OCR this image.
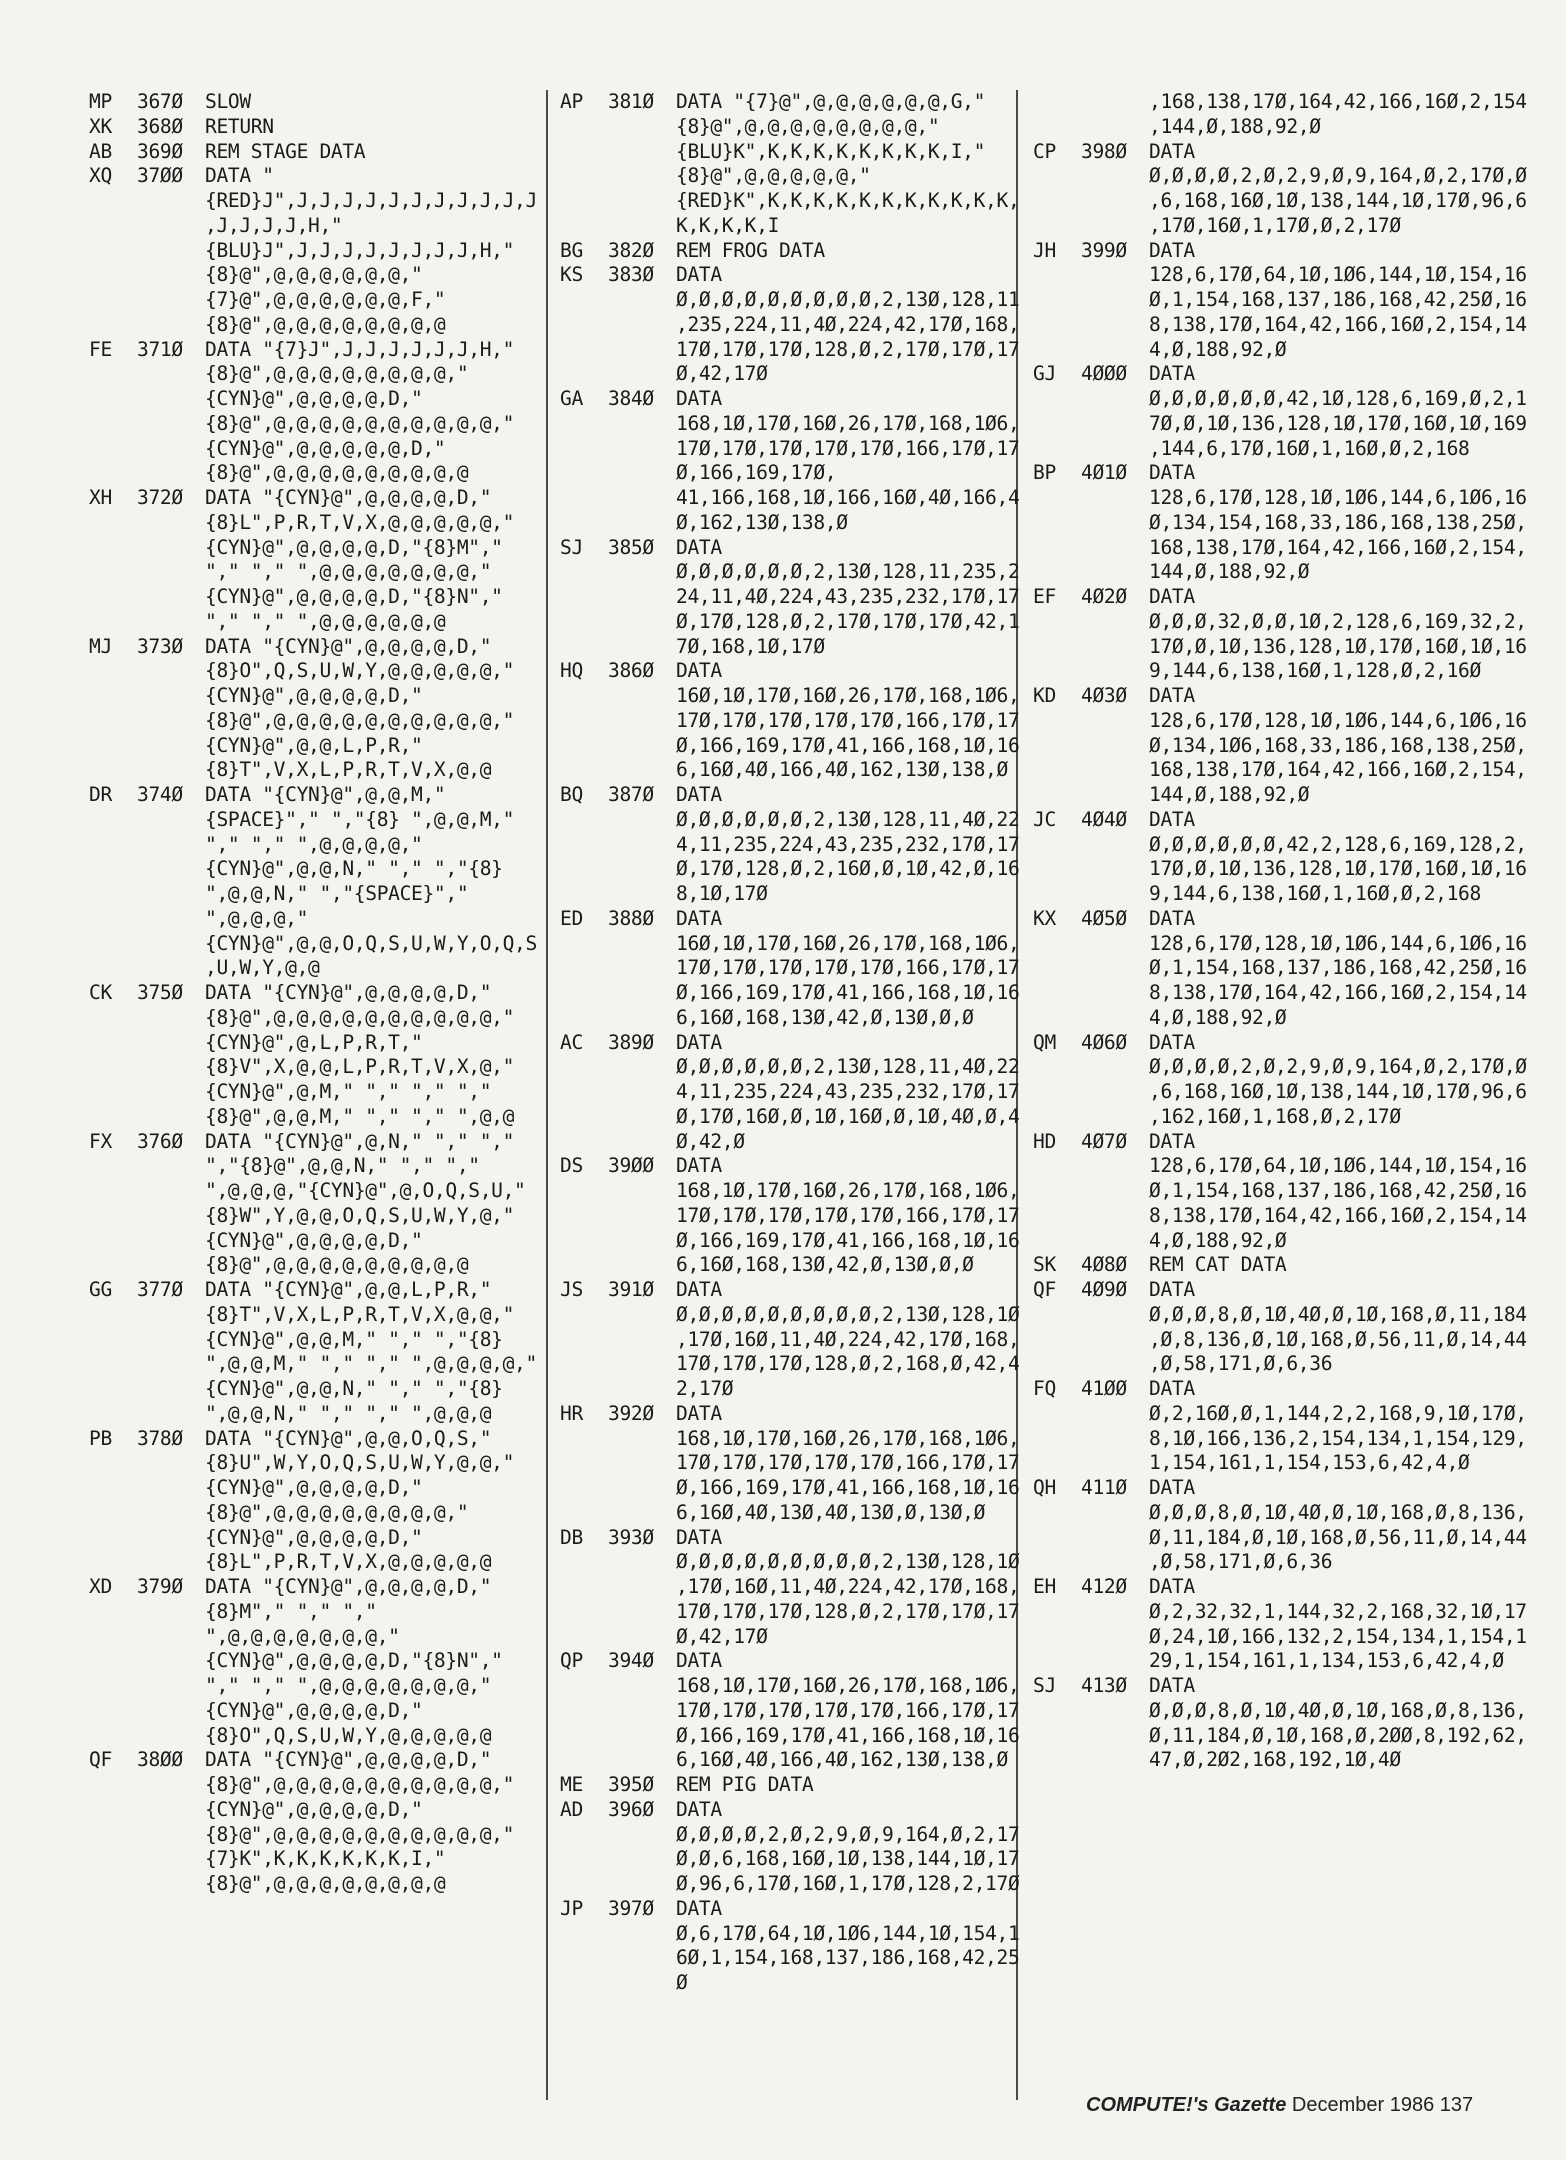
MP	367Ø	SLOW
XK	368Ø	RETURN
AB	369Ø	REM STAGE DATA
XQ	37ØØ	DATA "{RED}J",J,J,J,J,J,J,J,J,J,J,J,J,J,J,J,H,"{BLU}J",J,J,J,J,J,J,J,J,H,"{8}@",@,@,@,@,@,@,"{7}@",@,@,@,@,@,@,F,"{8}@",@,@,@,@,@,@,@,@
FE	371Ø	DATA "{7}J",J,J,J,J,J,J,H,"{8}@",@,@,@,@,@,@,@,@,"{CYN}@",@,@,@,@,D,"{8}@",@,@,@,@,@,@,@,@,@,@,"{CYN}@",@,@,@,@,@,D,"{8}@",@,@,@,@,@,@,@,@,@
XH	372Ø	DATA "{CYN}@",@,@,@,@,D,"{8}L",P,R,T,V,X,@,@,@,@,@,"{CYN}@",@,@,@,@,D,"{8}M"," "," "," ",@,@,@,@,@,@,@,"{CYN}@",@,@,@,@,D,"{8}N"," "," "," ",@,@,@,@,@,@
MJ	373Ø	DATA "{CYN}@",@,@,@,@,D,"{8}O",Q,S,U,W,Y,@,@,@,@,@,"{CYN}@",@,@,@,@,D,"{8}@",@,@,@,@,@,@,@,@,@,@,"{CYN}@",@,@,L,P,R,"{8}T",V,X,L,P,R,T,V,X,@,@
DR	374Ø	DATA "{CYN}@",@,@,M,"{SPACE}"," ","{8} ",@,@,M," "," "," ",@,@,@,@,"{CYN}@",@,@,N," "," ","{8} ",@,@,N," ","{SPACE}"," ",@,@,@,"{CYN}@",@,@,O,Q,S,U,W,Y,O,Q,S,U,W,Y,@,@
CK	375Ø	DATA "{CYN}@",@,@,@,@,D,"{8}@",@,@,@,@,@,@,@,@,@,@,"{CYN}@",@,L,P,R,T,"{8}V",X,@,@,L,P,R,T,V,X,@,"{CYN}@",@,M," "," "," ","{8}@",@,@,M," "," "," ",@,@
FX	376Ø	DATA "{CYN}@",@,N," "," "," ","{8}@",@,@,N," "," "," ",@,@,@,"{CYN}@",@,O,Q,S,U,"{8}W",Y,@,@,O,Q,S,U,W,Y,@,"{CYN}@",@,@,@,@,D,"{8}@",@,@,@,@,@,@,@,@,@
GG	377Ø	DATA "{CYN}@",@,@,L,P,R,"{8}T",V,X,L,P,R,T,V,X,@,@,"{CYN}@",@,@,M," "," ","{8} ",@,@,M," "," "," ",@,@,@,@,"{CYN}@",@,@,N," "," ","{8} ",@,@,N," "," "," ",@,@,@
PB	378Ø	DATA "{CYN}@",@,@,O,Q,S,"{8}U",W,Y,O,Q,S,U,W,Y,@,@,"{CYN}@",@,@,@,@,D,"{8}@",@,@,@,@,@,@,@,@,"{CYN}@",@,@,@,@,D,"{8}L",P,R,T,V,X,@,@,@,@,@
XD	379Ø	DATA "{CYN}@",@,@,@,@,D,"{8}M"," "," "," ",@,@,@,@,@,@,@,"{CYN}@",@,@,@,@,D,"{8}N"," "," "," ",@,@,@,@,@,@,@,"{CYN}@",@,@,@,@,D,"{8}O",Q,S,U,W,Y,@,@,@,@,@
QF	38ØØ	DATA "{CYN}@",@,@,@,@,D,"{8}@",@,@,@,@,@,@,@,@,@,@,"{CYN}@",@,@,@,@,D,"{8}@",@,@,@,@,@,@,@,@,@,@,"{7}K",K,K,K,K,K,K,I,"{8}@",@,@,@,@,@,@,@,@
AP	381Ø	DATA "{7}@",@,@,@,@,@,@,G,"{8}@",@,@,@,@,@,@,@,@,"{BLU}K",K,K,K,K,K,K,K,K,I,"{8}@",@,@,@,@,@,"{RED}K",K,K,K,K,K,K,K,K,K,K,K,K,K,K,K,I
BG	382Ø	REM FROG DATA
KS	383Ø	DATA Ø,Ø,Ø,Ø,Ø,Ø,Ø,Ø,Ø,2,13Ø,128,11,235,224,11,4Ø,224,42,17Ø,168,17Ø,17Ø,17Ø,128,Ø,2,17Ø,17Ø,17Ø,42,17Ø
GA	384Ø	DATA 168,1Ø,17Ø,16Ø,26,17Ø,168,1Ø6,17Ø,17Ø,17Ø,17Ø,17Ø,166,17Ø,17Ø,166,169,17Ø, 41,166,168,1Ø,166,16Ø,4Ø,166,4Ø,162,13Ø,138,Ø
SJ	385Ø	DATA Ø,Ø,Ø,Ø,Ø,Ø,2,13Ø,128,11,235,224,11,4Ø,224,43,235,232,17Ø,17Ø,17Ø,128,Ø,2,17Ø,17Ø,17Ø,42,17Ø,168,1Ø,17Ø
HQ	386Ø	DATA 16Ø,1Ø,17Ø,16Ø,26,17Ø,168,1Ø6,17Ø,17Ø,17Ø,17Ø,17Ø,166,17Ø,17Ø,166,169,17Ø,41,166,168,1Ø,166,16Ø,4Ø,166,4Ø,162,13Ø,138,Ø
BQ	387Ø	DATA Ø,Ø,Ø,Ø,Ø,Ø,2,13Ø,128,11,4Ø,224,11,235,224,43,235,232,17Ø,17Ø,17Ø,128,Ø,2,16Ø,Ø,1Ø,42,Ø,168,1Ø,17Ø
ED	388Ø	DATA 16Ø,1Ø,17Ø,16Ø,26,17Ø,168,1Ø6,17Ø,17Ø,17Ø,17Ø,17Ø,166,17Ø,17Ø,166,169,17Ø,41,166,168,1Ø,166,16Ø,168,13Ø,42,Ø,13Ø,Ø,Ø
AC	389Ø	DATA Ø,Ø,Ø,Ø,Ø,Ø,2,13Ø,128,11,4Ø,224,11,235,224,43,235,232,17Ø,17Ø,17Ø,16Ø,Ø,1Ø,16Ø,Ø,1Ø,4Ø,Ø,4Ø,42,Ø
DS	39ØØ	DATA 168,1Ø,17Ø,16Ø,26,17Ø,168,1Ø6,17Ø,17Ø,17Ø,17Ø,17Ø,166,17Ø,17Ø,166,169,17Ø,41,166,168,1Ø,166,16Ø,168,13Ø,42,Ø,13Ø,Ø,Ø
JS	391Ø	DATA Ø,Ø,Ø,Ø,Ø,Ø,Ø,Ø,Ø,2,13Ø,128,1Ø,17Ø,16Ø,11,4Ø,224,42,17Ø,168,17Ø,17Ø,17Ø,128,Ø,2,168,Ø,42,42,17Ø
HR	392Ø	DATA 168,1Ø,17Ø,16Ø,26,17Ø,168,1Ø6,17Ø,17Ø,17Ø,17Ø,17Ø,166,17Ø,17Ø,166,169,17Ø,41,166,168,1Ø,166,16Ø,4Ø,13Ø,4Ø,13Ø,Ø,13Ø,Ø
DB	393Ø	DATA Ø,Ø,Ø,Ø,Ø,Ø,Ø,Ø,Ø,2,13Ø,128,1Ø,17Ø,16Ø,11,4Ø,224,42,17Ø,168,17Ø,17Ø,17Ø,128,Ø,2,17Ø,17Ø,17Ø,42,17Ø
QP	394Ø	DATA 168,1Ø,17Ø,16Ø,26,17Ø,168,1Ø6,17Ø,17Ø,17Ø,17Ø,17Ø,166,17Ø,17Ø,166,169,17Ø,41,166,168,1Ø,166,16Ø,4Ø,166,4Ø,162,13Ø,138,Ø
ME	395Ø	REM PIG DATA
AD	396Ø	DATA Ø,Ø,Ø,Ø,2,Ø,2,9,Ø,9,164,Ø,2,17Ø,Ø,6,168,16Ø,1Ø,138,144,1Ø,17Ø,96,6,17Ø,16Ø,1,17Ø,128,2,17Ø
JP	397Ø	DATA Ø,6,17Ø,64,1Ø,1Ø6,144,1Ø,154,16Ø,1,154,168,137,186,168,42,25Ø
,168,138,17Ø,164,42,166,16Ø,2,154,144,Ø,188,92,Ø
CP	398Ø	DATA Ø,Ø,Ø,Ø,2,Ø,2,9,Ø,9,164,Ø,2,17Ø,Ø,6,168,16Ø,1Ø,138,144,1Ø,17Ø,96,6,17Ø,16Ø,1,17Ø,Ø,2,17Ø
JH	399Ø	DATA 128,6,17Ø,64,1Ø,1Ø6,144,1Ø,154,16Ø,1,154,168,137,186,168,42,25Ø,168,138,17Ø,164,42,166,16Ø,2,154,144,Ø,188,92,Ø
GJ	4ØØØ	DATA Ø,Ø,Ø,Ø,Ø,Ø,42,1Ø,128,6,169,Ø,2,17Ø,Ø,1Ø,136,128,1Ø,17Ø,16Ø,1Ø,169,144,6,17Ø,16Ø,1,16Ø,Ø,2,168
BP	4Ø1Ø	DATA 128,6,17Ø,128,1Ø,1Ø6,144,6,1Ø6,16Ø,134,154,168,33,186,168,138,25Ø,168,138,17Ø,164,42,166,16Ø,2,154,144,Ø,188,92,Ø
EF	4Ø2Ø	DATA Ø,Ø,Ø,32,Ø,Ø,1Ø,2,128,6,169,32,2,17Ø,Ø,1Ø,136,128,1Ø,17Ø,16Ø,1Ø,169,144,6,138,16Ø,1,128,Ø,2,16Ø
KD	4Ø3Ø	DATA 128,6,17Ø,128,1Ø,1Ø6,144,6,1Ø6,16Ø,134,1Ø6,168,33,186,168,138,25Ø,168,138,17Ø,164,42,166,16Ø,2,154,144,Ø,188,92,Ø
JC	4Ø4Ø	DATA Ø,Ø,Ø,Ø,Ø,Ø,42,2,128,6,169,128,2,17Ø,Ø,1Ø,136,128,1Ø,17Ø,16Ø,1Ø,169,144,6,138,16Ø,1,16Ø,Ø,2,168
KX	4Ø5Ø	DATA 128,6,17Ø,128,1Ø,1Ø6,144,6,1Ø6,16Ø,1,154,168,137,186,168,42,25Ø,168,138,17Ø,164,42,166,16Ø,2,154,144,Ø,188,92,Ø
QM	4Ø6Ø	DATA Ø,Ø,Ø,Ø,2,Ø,2,9,Ø,9,164,Ø,2,17Ø,Ø,6,168,16Ø,1Ø,138,144,1Ø,17Ø,96,6,162,16Ø,1,168,Ø,2,17Ø
HD	4Ø7Ø	DATA 128,6,17Ø,64,1Ø,1Ø6,144,1Ø,154,16Ø,1,154,168,137,186,168,42,25Ø,168,138,17Ø,164,42,166,16Ø,2,154,144,Ø,188,92,Ø
SK	4Ø8Ø	REM CAT DATA
QF	4Ø9Ø	DATA Ø,Ø,Ø,8,Ø,1Ø,4Ø,Ø,1Ø,168,Ø,11,184,Ø,8,136,Ø,1Ø,168,Ø,56,11,Ø,14,44,Ø,58,171,Ø,6,36
FQ	41ØØ	DATA Ø,2,16Ø,Ø,1,144,2,2,168,9,1Ø,17Ø,8,1Ø,166,136,2,154,134,1,154,129,1,154,161,1,154,153,6,42,4,Ø
QH	411Ø	DATA Ø,Ø,Ø,8,Ø,1Ø,4Ø,Ø,1Ø,168,Ø,8,136,Ø,11,184,Ø,1Ø,168,Ø,56,11,Ø,14,44,Ø,58,171,Ø,6,36
EH	412Ø	DATA Ø,2,32,32,1,144,32,2,168,32,1Ø,17Ø,24,1Ø,166,132,2,154,134,1,154,129,1,154,161,1,134,153,6,42,4,Ø
SJ	413Ø	DATA Ø,Ø,Ø,8,Ø,1Ø,4Ø,Ø,1Ø,168,Ø,8,136,Ø,11,184,Ø,1Ø,168,Ø,2ØØ,8,192,62,47,Ø,2Ø2,168,192,1Ø,4Ø
COMPUTE!'s Gazette December 1986 137
